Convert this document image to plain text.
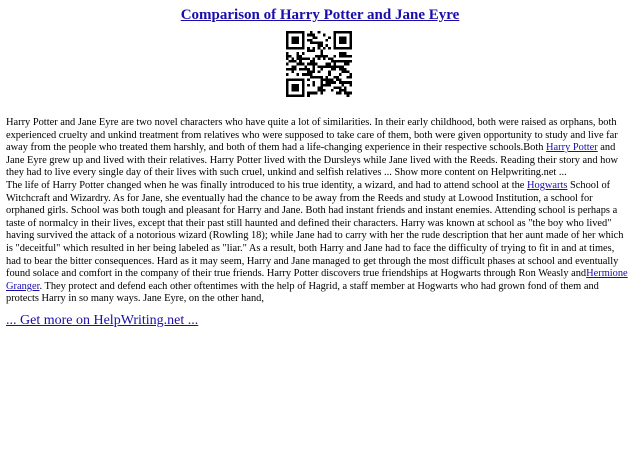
Comparison of Harry Potter and Jane Eyre

Harry Potter and Jane Eyre are two novel characters who have quite a lot of similarities. In their early childhood, both were raised as orphans, both experienced cruelty and unkind treatment from relatives who were supposed to take care of them, both were given opportunity to study and live far away from the people who treated them harshly, and both of them had a life-changing experience in their respective schools.Both Harry Potter and Jane Eyre grew up and lived with their relatives. Harry Potter lived with the Dursleys while Jane lived with the Reeds. Reading their story and how they had to live every single day of their lives with such cruel, unkind and selfish relatives ... Show more content on Helpwriting.net ...

The life of Harry Potter changed when he was finally introduced to his true identity, a wizard, and had to attend school at the Hogwarts School of Witchcraft and Wizardry. As for Jane, she eventually had the chance to be away from the Reeds and study at Lowood Institution, a school for orphaned girls. School was both tough and pleasant for Harry and Jane. Both had instant friends and instant enemies. Attending school is perhaps a taste of normalcy in their lives, except that their past still haunted and defined their characters. Harry was known at school as "the boy who lived" having survived the attack of a notorious wizard (Rowling 18); while Jane had to carry with her the rude description that her aunt made of her which is "deceitful" which resulted in her being labeled as "liar." As a result, both Harry and Jane had to face the difficulty of trying to fit in and at times, had to bear the bitter consequences. Hard as it may seem, Harry and Jane managed to get through the most difficult phases at school and eventually found solace and comfort in the company of their true friends. Harry Potter discovers true friendships at Hogwarts through Ron Weasly andHermione Granger. They protect and defend each other oftentimes with the help of Hagrid, a staff member at Hogwarts who had grown fond of them and protects Harry in so many ways. Jane Eyre, on the other hand,

... Get more on HelpWriting.net ...
